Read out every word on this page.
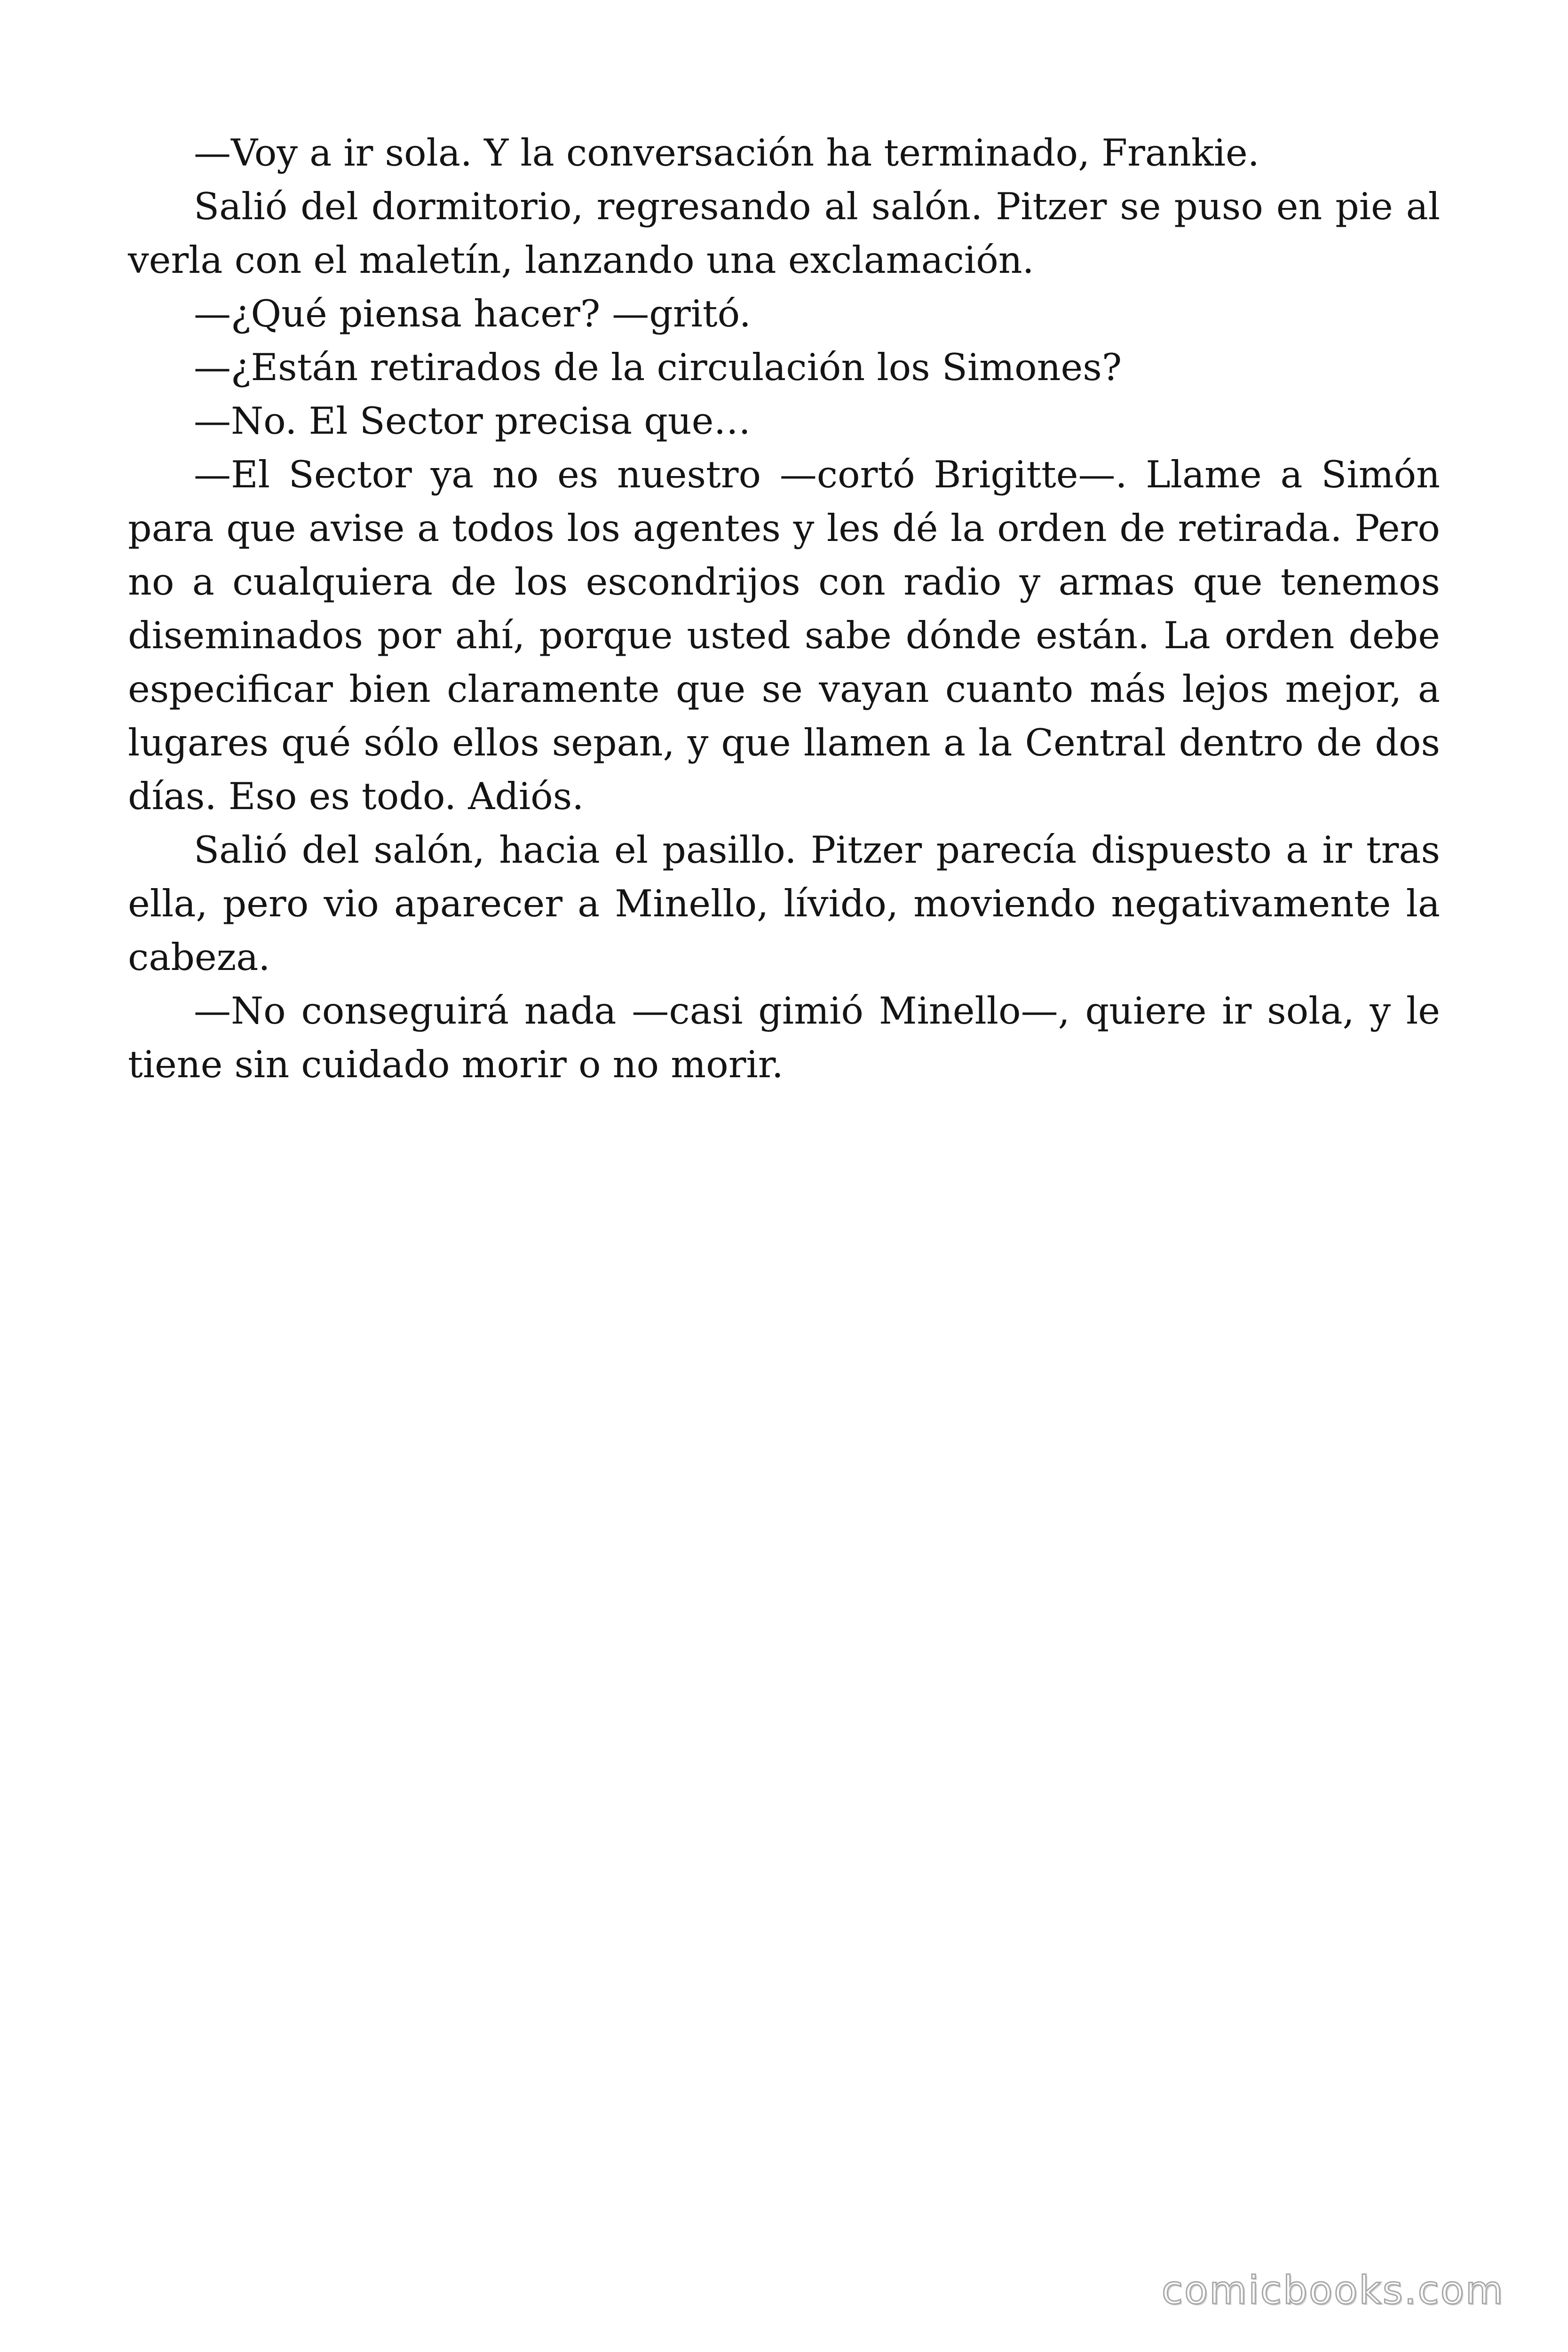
—Voy a ir sola. Y la conversación ha terminado, Frankie.

Salió del dormitorio, regresando al salón. Pitzer se puso en pie al verla con el maletín, lanzando una exclamación.

—¿Qué piensa hacer? —gritó.

—¿Están retirados de la circulación los Simones?

—No. El Sector precisa que…

—El Sector ya no es nuestro —cortó Brigitte—. Llame a Simón para que avise a todos los agentes y les dé la orden de retirada. Pero no a cualquiera de los escondrijos con radio y armas que tenemos diseminados por ahí, porque usted sabe dónde están. La orden debe especificar bien claramente que se vayan cuanto más lejos mejor, a lugares qué sólo ellos sepan, y que llamen a la Central dentro de dos días. Eso es todo. Adiós.

Salió del salón, hacia el pasillo. Pitzer parecía dispuesto a ir tras ella, pero vio aparecer a Minello, lívido, moviendo negativamente la cabeza.

—No conseguirá nada —casi gimió Minello—, quiere ir sola, y le tiene sin cuidado morir o no morir.

comicbooks.com
